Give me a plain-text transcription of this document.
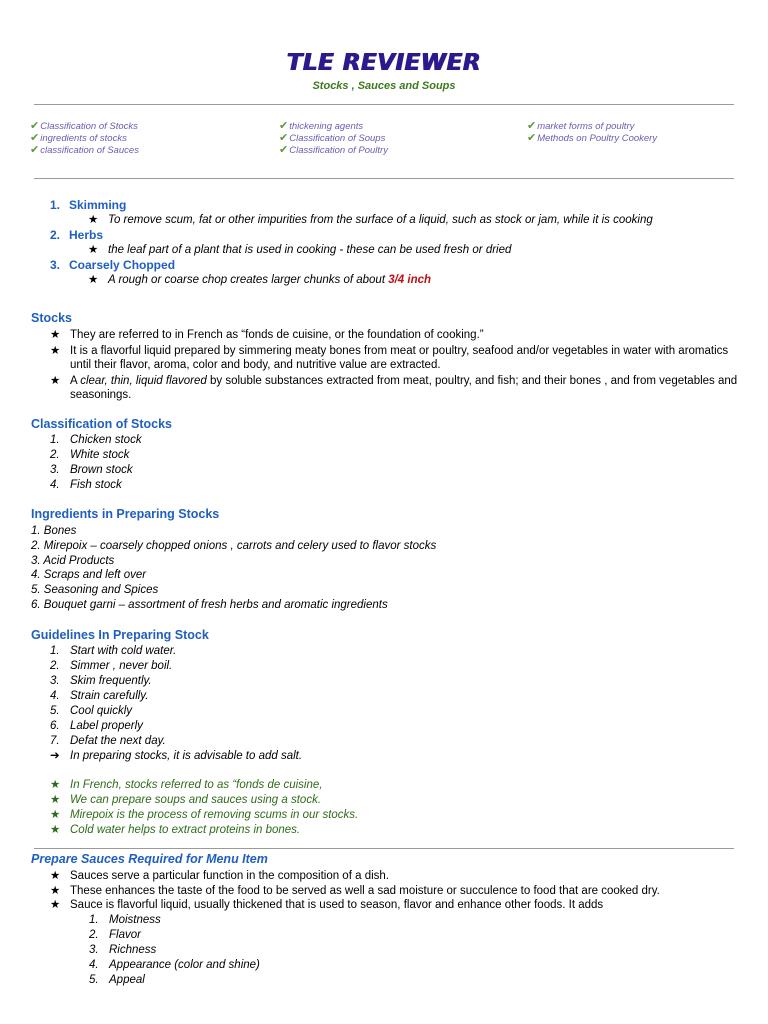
TLE REVIEWER
Stocks , Sauces and Soups
✔Classification of Stocks
✔ingredients of stocks
✔classification of Sauces
✔thickening agents
✔Classification of Soups
✔Classification of Poultry
✔market forms of poultry
✔Methods on Poultry Cookery
1. Skimming
★ To remove scum, fat or other impurities from the surface of a liquid, such as stock or jam, while it is cooking
2. Herbs
★ the leaf part of a plant that is used in cooking - these can be used fresh or dried
3. Coarsely Chopped
★ A rough or coarse chop creates larger chunks of about 3/4 inch
Stocks
★ They are referred to in French as “fonds de cuisine, or the foundation of cooking.”
★ It is a flavorful liquid prepared by simmering meaty bones from meat or poultry, seafood and/or vegetables in water with aromatics until their flavor, aroma, color and body, and nutritive value are extracted.
★ A clear, thin, liquid flavored by soluble substances extracted from meat, poultry, and fish; and their bones , and from vegetables and seasonings.
Classification of Stocks
1. Chicken stock
2. White stock
3. Brown stock
4. Fish stock
Ingredients in Preparing Stocks
1. Bones
2. Mirepoix – coarsely chopped onions , carrots and celery used to flavor stocks
3. Acid Products
4. Scraps and left over
5. Seasoning and Spices
6. Bouquet garni – assortment of fresh herbs and aromatic ingredients
Guidelines In Preparing Stock
1. Start with cold water.
2. Simmer , never boil.
3. Skim frequently.
4. Strain carefully.
5. Cool quickly
6. Label properly
7. Defat the next day.
➔ In preparing stocks, it is advisable to add salt.
★ In French, stocks referred to as “fonds de cuisine,
★ We can prepare soups and sauces using a stock.
★ Mirepoix is the process of removing scums in our stocks.
★ Cold water helps to extract proteins in bones.
Prepare Sauces Required for Menu Item
★ Sauces serve a particular function in the composition of a dish.
★ These enhances the taste of the food to be served as well a sad moisture or succulence to food that are cooked dry.
★ Sauce is flavorful liquid, usually thickened that is used to season, flavor and enhance other foods. It adds
1. Moistness
2. Flavor
3. Richness
4. Appearance (color and shine)
5. Appeal
